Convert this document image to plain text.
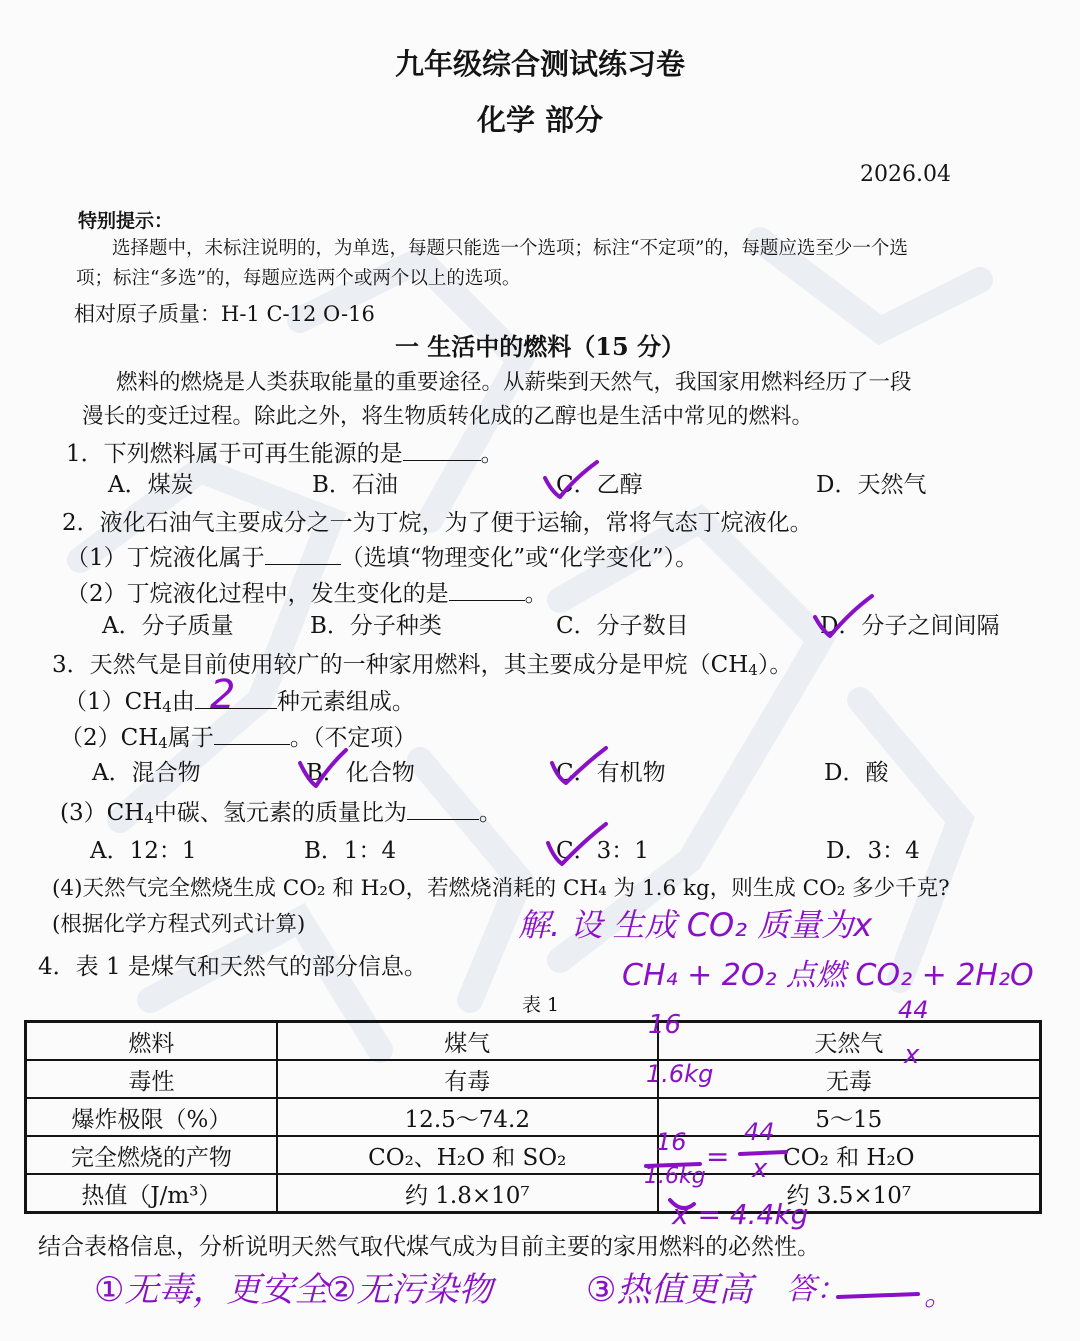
九年级综合测试练习卷
化学 部分
2026.04
特别提示：
选择题中，未标注说明的，为单选，每题只能选一个选项；标注“不定项”的，每题应选至少一个选
项；标注“多选”的，每题应选两个或两个以上的选项。
相对原子质量：H-1 C-12 O-16
一 生活中的燃料（15 分）
燃料的燃烧是人类获取能量的重要途径。从薪柴到天然气，我国家用燃料经历了一段
漫长的变迁过程。除此之外，将生物质转化成的乙醇也是生活中常见的燃料。
1．下列燃料属于可再生能源的是	。
A．煤炭	B．石油	C．乙醇	D．天然气
2．液化石油气主要成分之一为丁烷，为了便于运输，常将气态丁烷液化。
（1）丁烷液化属于	（选填“物理变化”或“化学变化”）。
（2）丁烷液化过程中，发生变化的是	。
A．分子质量	B．分子种类	C．分子数目	D．分子之间间隔
3．天然气是目前使用较广的一种家用燃料，其主要成分是甲烷$(CH_4)$。
$(1)CH_4$由	种元素组成。
$(2)CH_4$属于	。（不定项）
A．混合物	B．化合物	C．有机物	D．酸
$(3)CH_4$中碳、氢元素的质量比为	。
A．12：1	B．1：4	C．3：1	D．3：4
(4)天然气完全燃烧生成 CO₂ 和 H₂O，若燃烧消耗的 CH₄ 为 1.6 kg，则生成 CO₂ 多少千克?
(根据化学方程式列式计算)
4．表 1 是煤气和天然气的部分信息。
表 1
燃料	煤气	天然气
毒性	有毒	无毒
爆炸极限（%）	12.5～74.2	5～15
完全燃烧的产物	CO₂、H₂O 和 SO₂	CO₂ 和 H₂O
热值（J/m³）	约 1.8×10⁷	约 3.5×10⁷
结合表格信息，分析说明天然气取代煤气成为目前主要的家用燃料的必然性。
2
解. 设 生成 CO₂ 质量为x
CH₄ + 2O₂ 点燃 CO₂ + 2H₂O
16	44
1.6kg
x
16
1.6kg
=
44
x
x = 4.4kg
①无毒，更安全
②无污染物	③热值更高 答：	。
